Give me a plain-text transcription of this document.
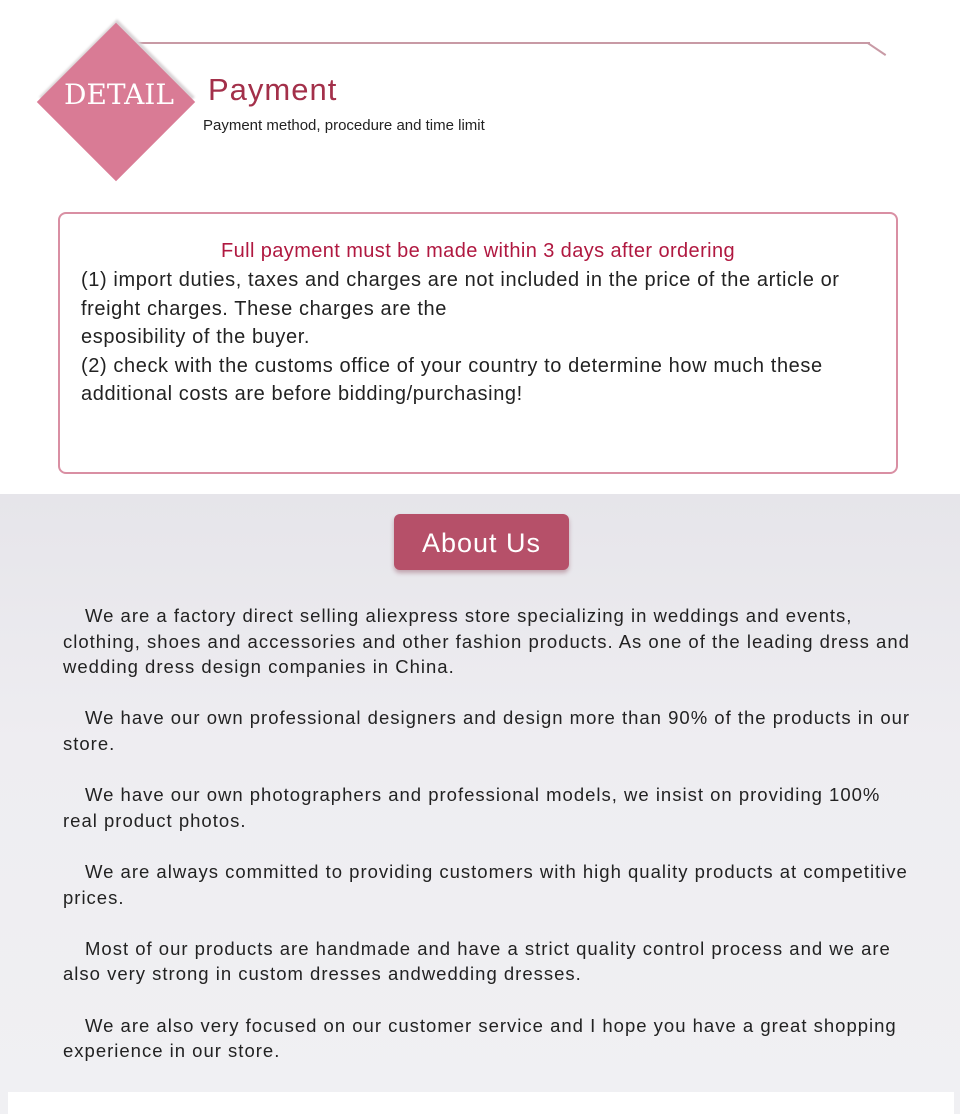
DETAIL	Payment
Payment method, procedure and time limit
Full payment must be made within 3 days after ordering

(1) import duties, taxes and charges are not included in the price of the article or freight charges. These charges are the

esposibility of the buyer.

(2) check with the customs office of your country to determine how much these additional costs are before bidding/purchasing!

About Us

We are a factory direct selling aliexpress store specializing in weddings and events, clothing, shoes and accessories and other fashion products. As one of the leading dress and wedding dress design companies in China.

We have our own professional designers and design more than 90% of the products in our store.

We have our own photographers and professional models, we insist on providing 100% real product photos.

We are always committed to providing customers with high quality products at competitive prices.

Most of our products are handmade and have a strict quality control process and we are also very strong in custom dresses andwedding dresses.

We are also very focused on our customer service and I hope you have a great shopping experience in our store.
